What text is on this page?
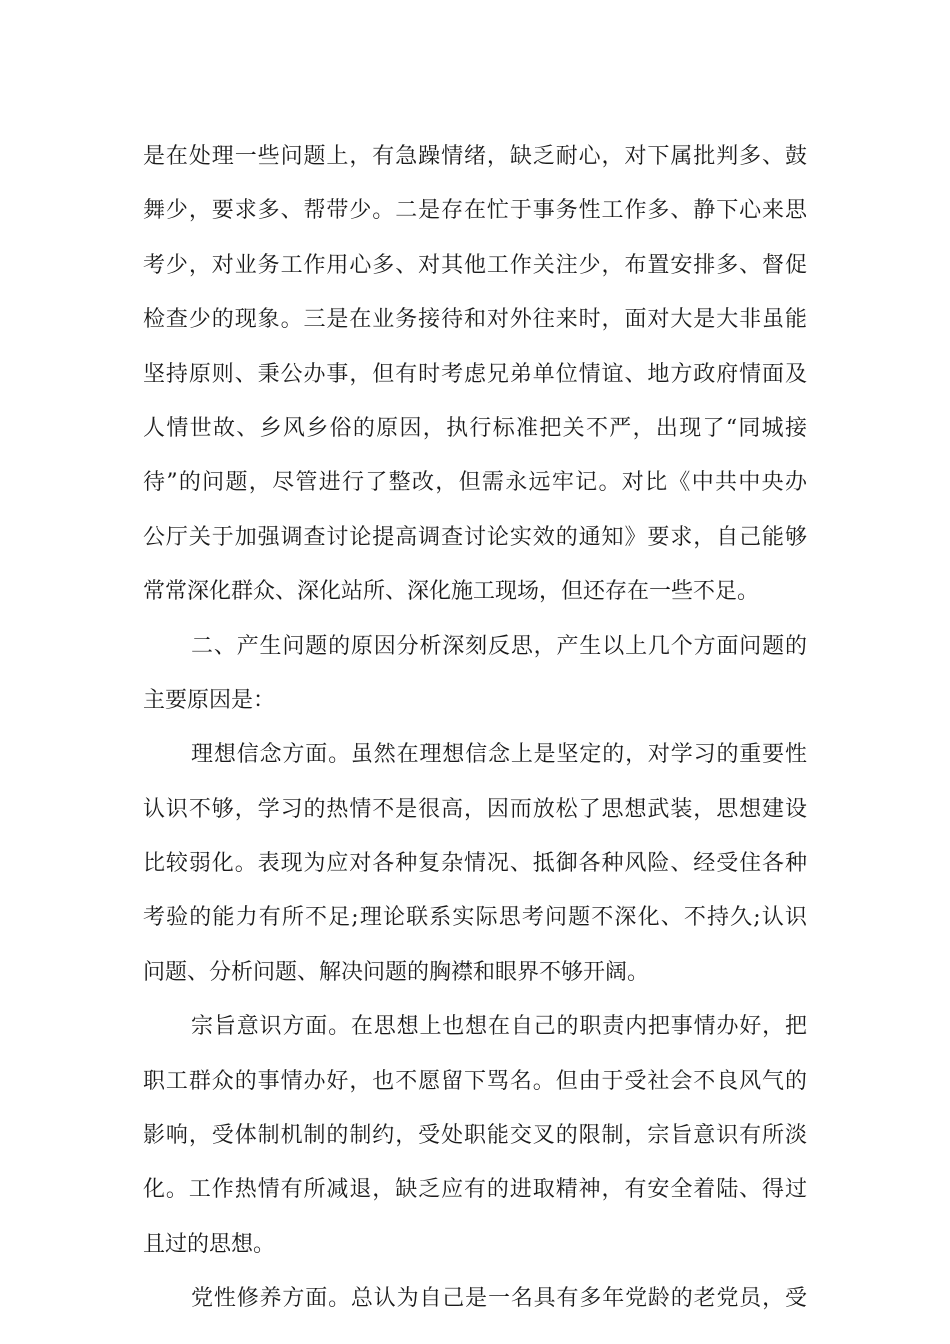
是在处理一些问题上，有急躁情绪，缺乏耐心，对下属批判多、鼓
舞少，要求多、帮带少。二是存在忙于事务性工作多、静下心来思
考少，对业务工作用心多、对其他工作关注少，布置安排多、督促
检查少的现象。三是在业务接待和对外往来时，面对大是大非虽能
坚持原则、秉公办事，但有时考虑兄弟单位情谊、地方政府情面及
人情世故、乡风乡俗的原因，执行标准把关不严，出现了“同城接
待”的问题，尽管进行了整改，但需永远牢记。对比《中共中央办
公厅关于加强调查讨论提高调查讨论实效的通知》要求，自己能够
常常深化群众、深化站所、深化施工现场，但还存在一些不足。
二、产生问题的原因分析深刻反思，产生以上几个方面问题的
主要原因是：
理想信念方面。虽然在理想信念上是坚定的，对学习的重要性
认识不够，学习的热情不是很高，因而放松了思想武装，思想建设
比较弱化。表现为应对各种复杂情况、抵御各种风险、经受住各种
考验的能力有所不足;理论联系实际思考问题不深化、不持久;认识
问题、分析问题、解决问题的胸襟和眼界不够开阔。
宗旨意识方面。在思想上也想在自己的职责内把事情办好，把
职工群众的事情办好，也不愿留下骂名。但由于受社会不良风气的
影响，受体制机制的制约，受处职能交叉的限制，宗旨意识有所淡
化。工作热情有所减退，缺乏应有的进取精神，有安全着陆、得过
且过的思想。
党性修养方面。总认为自己是一名具有多年党龄的老党员，受
